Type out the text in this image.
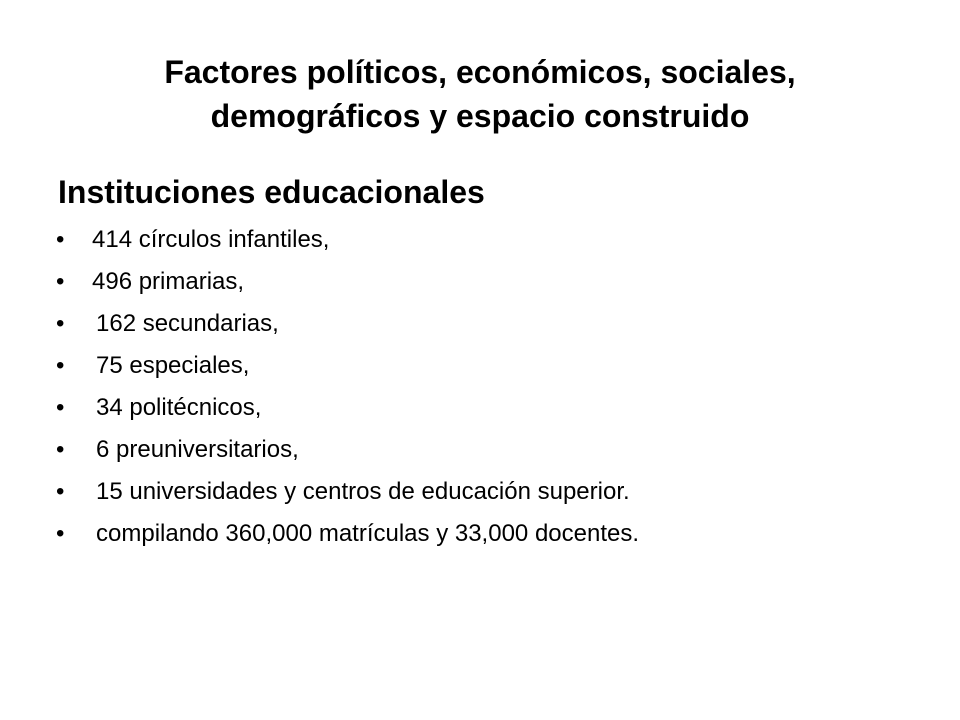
Factores políticos, económicos, sociales,
demográficos y espacio construido
Instituciones educacionales
•	414 círculos infantiles,
•	496 primarias,
•	162 secundarias,
•	75 especiales,
•	34 politécnicos,
•	6 preuniversitarios,
•	15 universidades y centros de educación superior.
•	compilando 360,000 matrículas y 33,000 docentes.
